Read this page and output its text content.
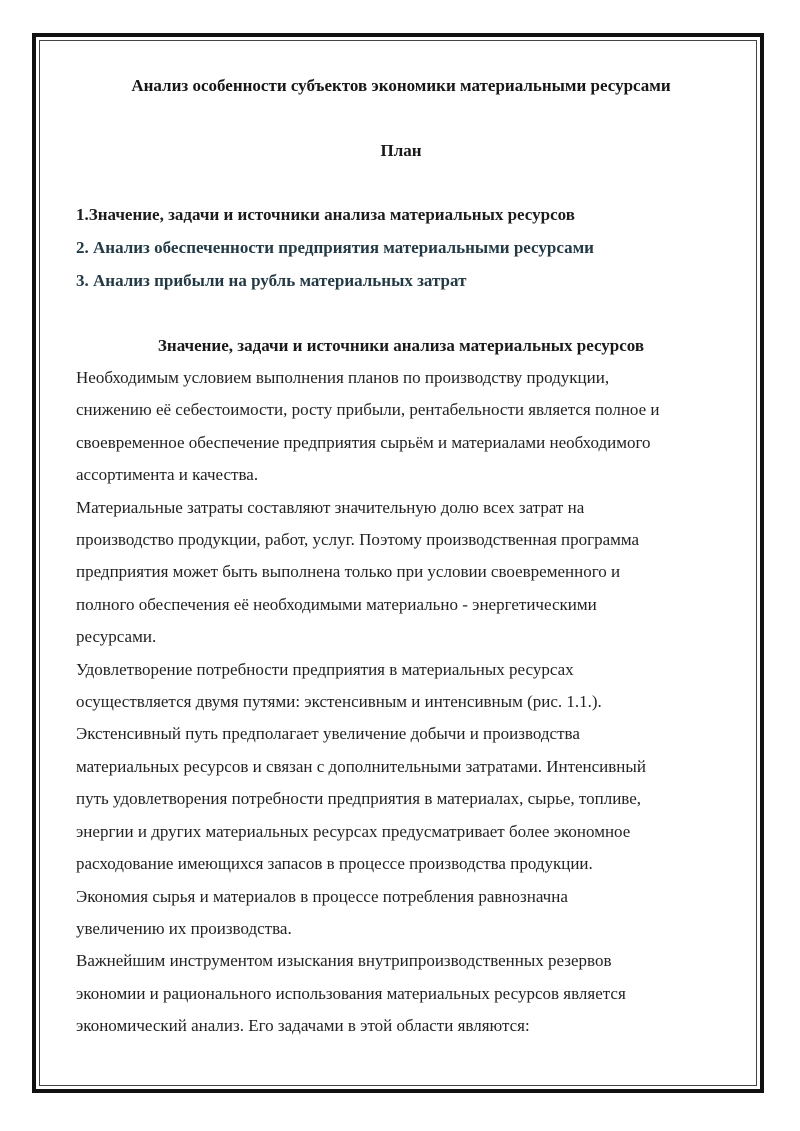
Анализ особенности субъектов экономики материальными ресурсами
План
1.Значение, задачи и источники анализа материальных ресурсов
2. Анализ обеспеченности предприятия материальными ресурсами
3. Анализ прибыли на рубль материальных затрат
Значение, задачи и источники анализа материальных ресурсов

Необходимым условием выполнения планов по производству продукции,

снижению её себестоимости, росту прибыли, рентабельности является полное и

своевременное обеспечение предприятия сырьём и материалами необходимого

ассортимента и качества.

Материальные затраты составляют значительную долю всех затрат на

производство продукции, работ, услуг. Поэтому производственная программа

предприятия может быть выполнена только при условии своевременного и

полного обеспечения её необходимыми материально - энергетическими

ресурсами.

Удовлетворение потребности предприятия в материальных ресурсах

осуществляется двумя путями: экстенсивным и интенсивным (рис. 1.1.).

Экстенсивный путь предполагает увеличение добычи и производства

материальных ресурсов и связан с дополнительными затратами. Интенсивный

путь удовлетворения потребности предприятия в материалах, сырье, топливе,

энергии и других материальных ресурсах предусматривает более экономное

расходование имеющихся запасов в процессе производства продукции.

Экономия сырья и материалов в процессе потребления равнозначна

увеличению их производства.

Важнейшим инструментом изыскания внутрипроизводственных резервов

экономии и рационального использования материальных ресурсов является

экономический анализ. Его задачами в этой области являются:
